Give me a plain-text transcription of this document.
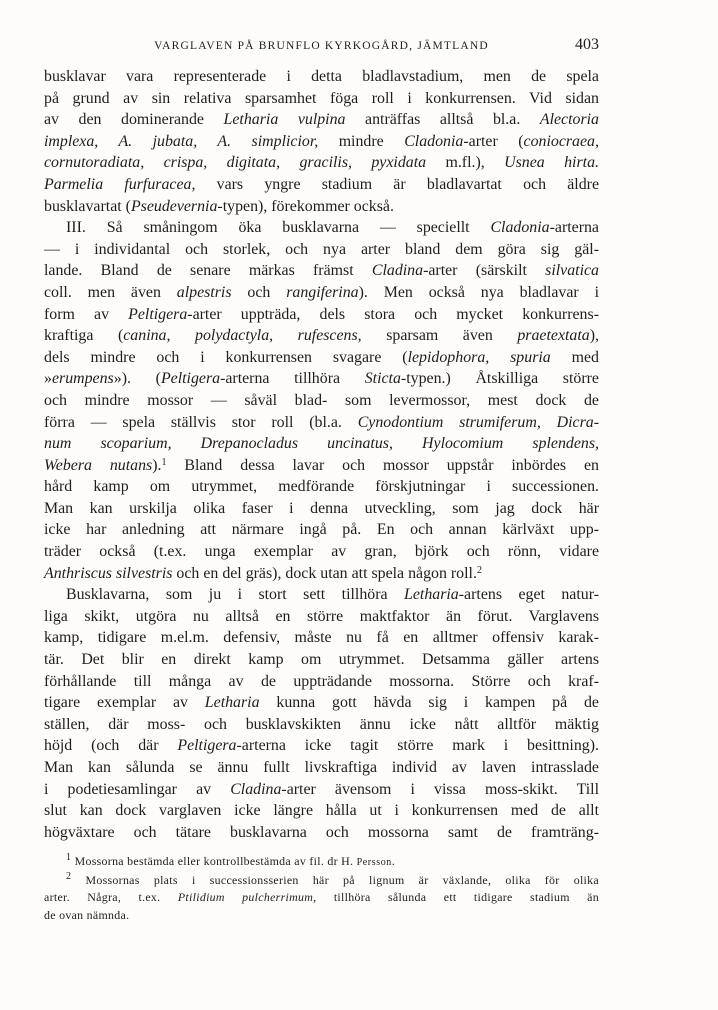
VARGLAVEN PÅ BRUNFLO KYRKOGÅRD, JÄMTLAND	403
busklavar vara representerade i detta bladlavstadium, men de spela
på grund av sin relativa sparsamhet föga roll i konkurrensen. Vid sidan
av den dominerande Letharia vulpina anträffas alltså bl.a. Alectoria
implexa, A. jubata, A. simplicior, mindre Cladonia-arter (coniocraea,
cornutoradiata, crispa, digitata, gracilis, pyxidata m.fl.), Usnea hirta.
Parmelia furfuracea, vars yngre stadium är bladlavartat och äldre
busklavartat (Pseudevernia-typen), förekommer också.
III. Så småningom öka busklavarna — speciellt Cladonia-arterna
— i individantal och storlek, och nya arter bland dem göra sig gäl-
lande. Bland de senare märkas främst Cladina-arter (särskilt silvatica
coll. men även alpestris och rangiferina). Men också nya bladlavar i
form av Peltigera-arter uppträda, dels stora och mycket konkurrens-
kraftiga (canina, polydactyla, rufescens, sparsam även praetextata),
dels mindre och i konkurrensen svagare (lepidophora, spuria med
»erumpens»). (Peltigera-arterna tillhöra Sticta-typen.) Åtskilliga större
och mindre mossor — såväl blad- som levermossor, mest dock de
förra — spela ställvis stor roll (bl.a. Cynodontium strumiferum, Dicra-
num scoparium, Drepanocladus uncinatus, Hylocomium splendens,
Webera nutans).$^1$ Bland dessa lavar och mossor uppstår inbördes en
hård kamp om utrymmet, medförande förskjutningar i successionen.
Man kan urskilja olika faser i denna utveckling, som jag dock här
icke har anledning att närmare ingå på. En och annan kärlväxt upp-
träder också (t.ex. unga exemplar av gran, björk och rönn, vidare
Anthriscus silvestris och en del gräs), dock utan att spela någon roll.$^2$
Busklavarna, som ju i stort sett tillhöra Letharia-artens eget natur-
liga skikt, utgöra nu alltså en större maktfaktor än förut. Varglavens
kamp, tidigare m.el.m. defensiv, måste nu få en alltmer offensiv karak-
tär. Det blir en direkt kamp om utrymmet. Detsamma gäller artens
förhållande till många av de uppträdande mossorna. Större och kraf-
tigare exemplar av Letharia kunna gott hävda sig i kampen på de
ställen, där moss- och busklavskikten ännu icke nått alltför mäktig
höjd (och där Peltigera-arterna icke tagit större mark i besittning).
Man kan sålunda se ännu fullt livskraftiga individ av laven intrasslade
i podetiesamlingar av Cladina-arter ävensom i vissa moss-skikt. Till
slut kan dock varglaven icke längre hålla ut i konkurrensen med de allt
högväxtare och tätare busklavarna och mossorna samt de framträng-
$^1$ Mossorna bestämda eller kontrollbestämda av fil. dr H. Persson.
$^2$ Mossornas plats i successionsserien här på lignum är växlande, olika för olika
arter. Några, t.ex. Ptilidium pulcherrimum, tillhöra sålunda ett tidigare stadium än
de ovan nämnda.
